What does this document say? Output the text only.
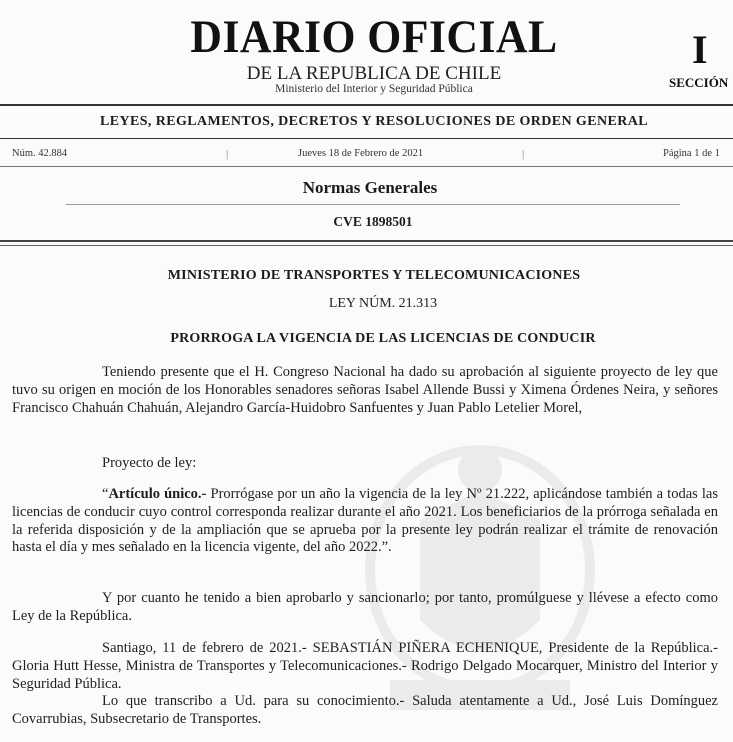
DIARIO OFICIAL
DE LA REPUBLICA DE CHILE
Ministerio del Interior y Seguridad Pública
I
SECCIÓN
LEYES, REGLAMENTOS, DECRETOS Y RESOLUCIONES DE ORDEN GENERAL
Núm. 42.884	|	Jueves 18 de Febrero de 2021	|	Página 1 de 1
Normas Generales
CVE 1898501
MINISTERIO DE TRANSPORTES Y TELECOMUNICACIONES
LEY NÚM. 21.313
PRORROGA LA VIGENCIA DE LAS LICENCIAS DE CONDUCIR
Teniendo presente que el H. Congreso Nacional ha dado su aprobación al siguiente proyecto de ley que tuvo su origen en moción de los Honorables senadores señoras Isabel Allende Bussi y Ximena Órdenes Neira, y señores Francisco Chahuán Chahuán, Alejandro García-Huidobro Sanfuentes y Juan Pablo Letelier Morel,
Proyecto de ley:
“Artículo único.- Prorrógase por un año la vigencia de la ley Nº 21.222, aplicándose también a todas las licencias de conducir cuyo control corresponda realizar durante el año 2021. Los beneficiarios de la prórroga señalada en la referida disposición y de la ampliación que se aprueba por la presente ley podrán realizar el trámite de renovación hasta el día y mes señalado en la licencia vigente, del año 2022.”.
Y por cuanto he tenido a bien aprobarlo y sancionarlo; por tanto, promúlguese y llévese a efecto como Ley de la República.
Santiago, 11 de febrero de 2021.- SEBASTIÁN PIÑERA ECHENIQUE, Presidente de la República.- Gloria Hutt Hesse, Ministra de Transportes y Telecomunicaciones.- Rodrigo Delgado Mocarquer, Ministro del Interior y Seguridad Pública.
Lo que transcribo a Ud. para su conocimiento.- Saluda atentamente a Ud., José Luis Domínguez Covarrubias, Subsecretario de Transportes.
